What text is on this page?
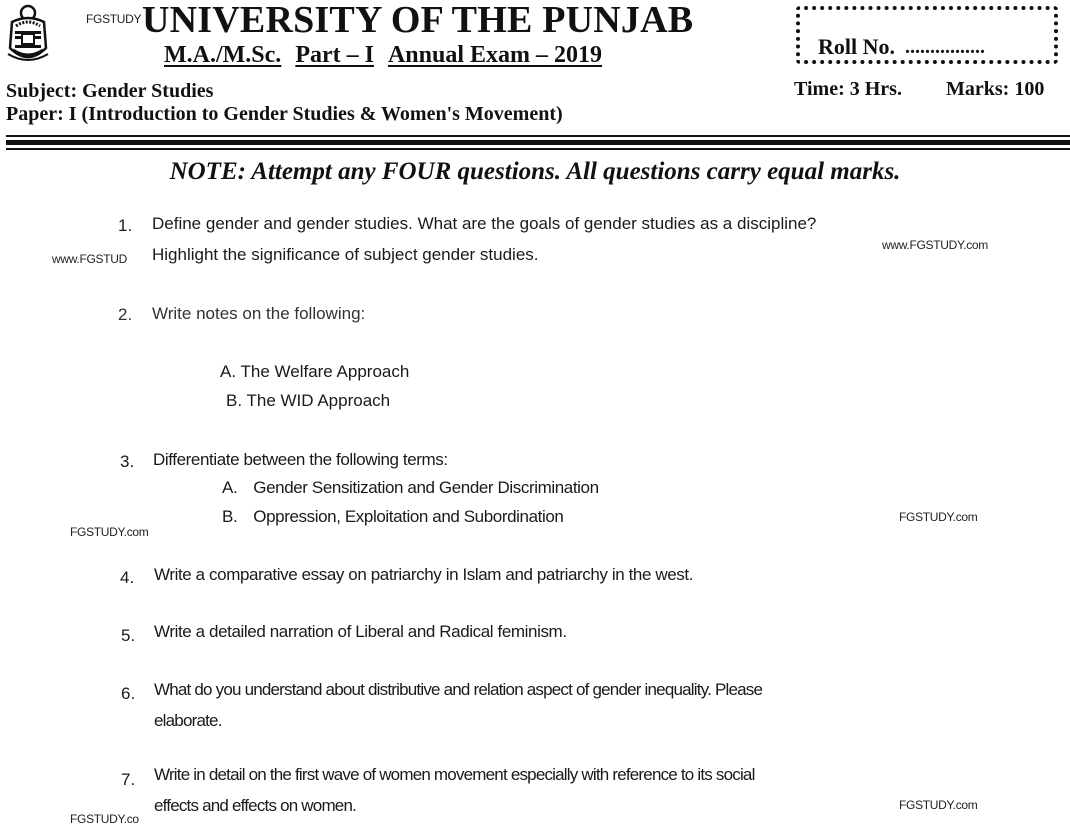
FGSTUDY UNIVERSITY OF THE PUNJAB
M.A./M.Sc. Part – I Annual Exam – 2019
Subject: Gender Studies
Paper: I (Introduction to Gender Studies & Women's Movement)
Roll No. ................
Time: 3 Hrs. Marks: 100
NOTE: Attempt any FOUR questions. All questions carry equal marks.
1. Define gender and gender studies. What are the goals of gender studies as a discipline?
www.FGSTUD Highlight the significance of subject gender studies.	www.FGSTUDY.com
2. Write notes on the following:
A. The Welfare Approach
B. The WID Approach
3. Differentiate between the following terms:
A. Gender Sensitization and Gender Discrimination
B. Oppression, Exploitation and Subordination
FGSTUDY.com
FGSTUDY.com
4. Write a comparative essay on patriarchy in Islam and patriarchy in the west.
5. Write a detailed narration of Liberal and Radical feminism.
6. What do you understand about distributive and relation aspect of gender inequality. Please
elaborate.
7. Write in detail on the first wave of women movement especially with reference to its social
effects and effects on women.	FGSTUDY.com
FGSTUDY.co
